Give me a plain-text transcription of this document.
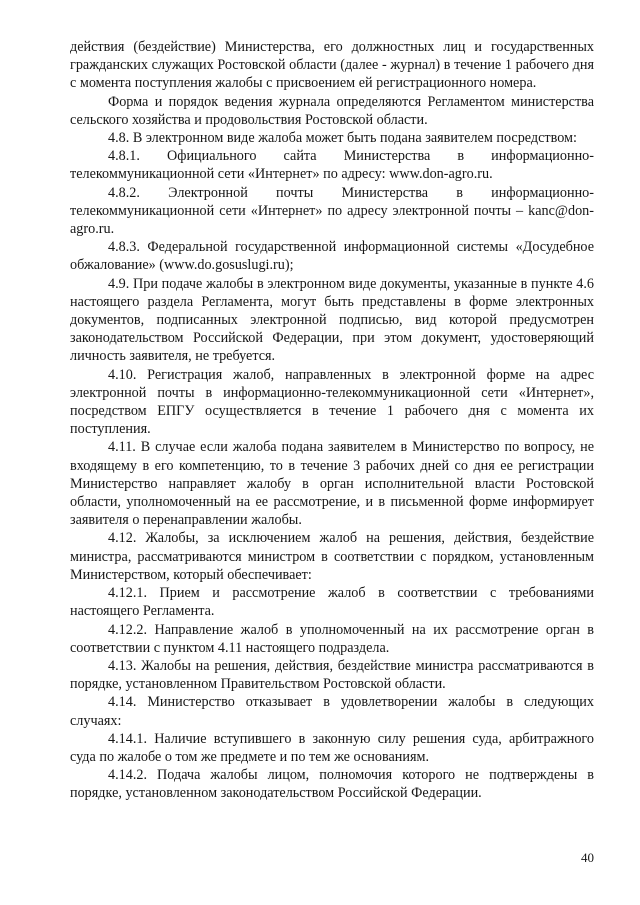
действия (бездействие) Министерства, его должностных лиц и государственных гражданских служащих Ростовской области (далее - журнал) в течение 1 рабочего дня с момента поступления жалобы с присвоением ей регистрационного номера.

Форма и порядок ведения журнала определяются Регламентом министерства сельского хозяйства и продовольствия Ростовской области.

4.8. В электронном виде жалоба может быть подана заявителем посредством:

4.8.1. Официального сайта Министерства в информационно-телекоммуникационной сети «Интернет» по адресу: www.don-agro.ru.

4.8.2. Электронной почты Министерства в информационно-телекоммуникационной сети «Интернет» по адресу электронной почты – kanc@don-agro.ru.

4.8.3. Федеральной государственной информационной системы «Досудебное обжалование» (www.do.gosuslugi.ru);

4.9. При подаче жалобы в электронном виде документы, указанные в пункте 4.6 настоящего раздела Регламента, могут быть представлены в форме электронных документов, подписанных электронной подписью, вид которой предусмотрен законодательством Российской Федерации, при этом документ, удостоверяющий личность заявителя, не требуется.

4.10. Регистрация жалоб, направленных в электронной форме на адрес электронной почты в информационно-телекоммуникационной сети «Интернет», посредством ЕПГУ осуществляется в течение 1 рабочего дня с момента их поступления.

4.11. В случае если жалоба подана заявителем в Министерство по вопросу, не входящему в его компетенцию, то в течение 3 рабочих дней со дня ее регистрации Министерство направляет жалобу в орган исполнительной власти Ростовской области, уполномоченный на ее рассмотрение, и в письменной форме информирует заявителя о перенаправлении жалобы.

4.12. Жалобы, за исключением жалоб на решения, действия, бездействие министра, рассматриваются министром в соответствии с порядком, установленным Министерством, который обеспечивает:

4.12.1. Прием и рассмотрение жалоб в соответствии с требованиями настоящего Регламента.

4.12.2. Направление жалоб в уполномоченный на их рассмотрение орган в соответствии с пунктом 4.11 настоящего подраздела.

4.13. Жалобы на решения, действия, бездействие министра рассматриваются в порядке, установленном Правительством Ростовской области.

4.14. Министерство отказывает в удовлетворении жалобы в следующих случаях:

4.14.1. Наличие вступившего в законную силу решения суда, арбитражного суда по жалобе о том же предмете и по тем же основаниям.

4.14.2. Подача жалобы лицом, полномочия которого не подтверждены в порядке, установленном законодательством Российской Федерации.

40
